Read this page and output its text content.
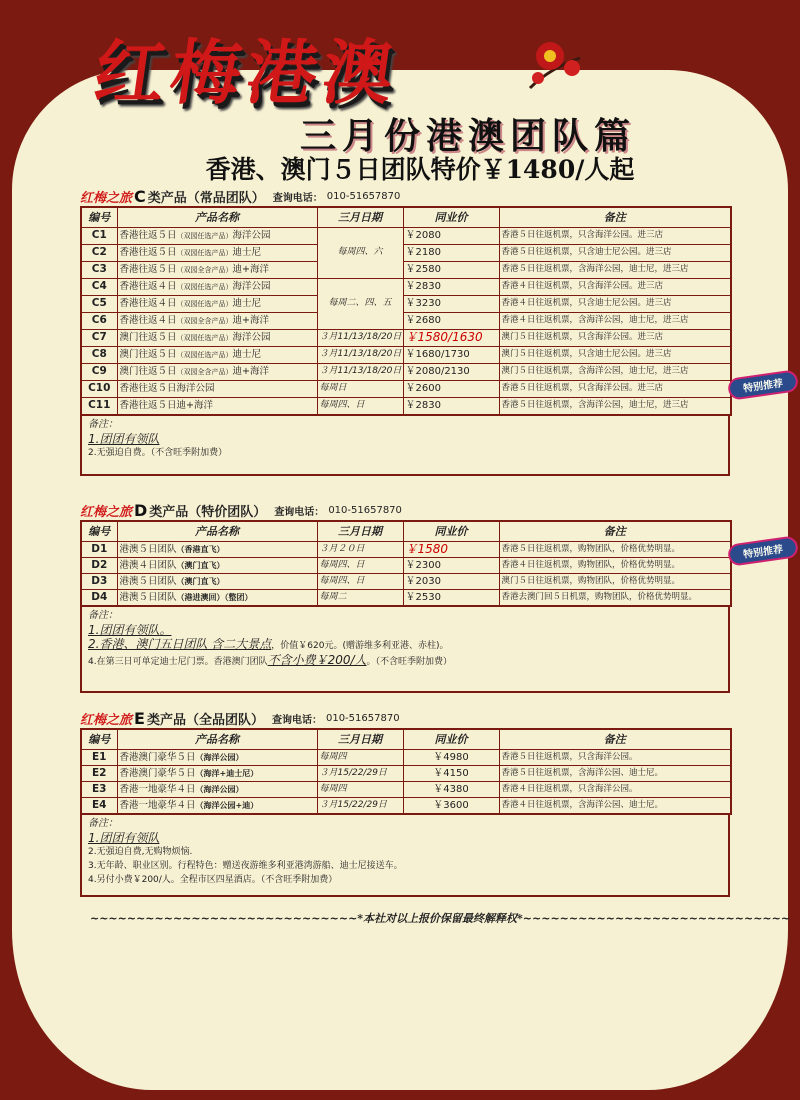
红梅港澳
三月份港澳团队篇
香港、澳门５日团队特价￥1480/人起
红梅之旅 C 类产品（常品团队） 查询电话： 010-51657870
编号	产品名称	三月日期	同业价	备注
C1	香港往返５日（双园任选产品）海洋公园	每周四、六	￥2080	香港５日往返机票，只含海洋公园。进三店
C2	香港往返５日（双园任选产品）迪士尼		￥2180	香港５日往返机票，只含迪士尼公园。进三店
C3	香港往返５日（双园全含产品）迪+海洋		￥2580	香港５日往返机票，含海洋公园，迪士尼，进三店
C4	香港往返４日（双园任选产品）海洋公园	每周二、四、五	￥2830	香港４日往返机票，只含海洋公园。进三店
C5	香港往返４日（双园任选产品）迪士尼		￥3230	香港４日往返机票，只含迪士尼公园。进三店
C6	香港往返４日（双园全含产品）迪+海洋		￥2680	香港４日往返机票，含海洋公园，迪士尼，进三店
C7	澳门往返５日（双园任选产品）海洋公园	３月11/13/18/20日	￥1580/1630	澳门５日往返机票，只含海洋公园。进三店
C8	澳门往返５日（双园任选产品）迪士尼	３月11/13/18/20日	￥1680/1730	澳门５日往返机票，只含迪士尼公园。进三店
C9	澳门往返５日（双园全含产品）迪+海洋	３月11/13/18/20日	￥2080/2130	澳门５日往返机票，含海洋公园，迪士尼，进三店
C10	香港往返５日海洋公园	每周日	￥2600	香港５日往返机票，只含海洋公园。进三店
C11	香港往返５日迪+海洋	每周四、日	￥2830	香港５日往返机票，含海洋公园，迪士尼，进三店
备注：
1.团团有领队
2.无强迫自费。（不含旺季附加费）
特别推荐
红梅之旅 D 类产品（特价团队） 查询电话： 010-51657870
编号	产品名称	三月日期	同业价	备注
D1	港澳５日团队（香港直飞）	３月２０日	￥1580	香港５日往返机票，购物团队，价格优势明显。
D2	港澳４日团队（澳门直飞）	每周四、日	￥2300	香港４日往返机票，购物团队，价格优势明显。
D3	港澳５日团队（澳门直飞）	每周四、日	￥2030	澳门５日往返机票，购物团队，价格优势明显。
D4	港澳５日团队（港进澳回）（整团）	每周二	￥2530	香港去澳门回５日机票，购物团队，价格优势明显。
备注：
1.团团有领队。
2.香港、澳门五日团队 含二大景点，价值￥620元。(赠游维多利亚港、赤柱)。
4.在第三日可单定迪士尼门票。香港澳门团队不含小费￥200/人。（不含旺季附加费）
特别推荐
红梅之旅 E 类产品（全品团队） 查询电话： 010-51657870
编号	产品名称	三月日期	同业价	备注
E1	香港澳门豪华５日（海洋公园）	每周四	￥4980	香港５日往返机票，只含海洋公园。
E2	香港澳门豪华５日（海洋+迪士尼）	３月15/22/29日	￥4150	香港５日往返机票，含海洋公园、迪士尼。
E3	香港一地豪华４日（海洋公园）	每周四	￥4380	香港４日往返机票，只含海洋公园。
E4	香港一地豪华４日（海洋公园+迪）	３月15/22/29日	￥3600	香港４日往返机票，含海洋公园、迪士尼。
备注：
1.团团有领队
2.无强迫自费,无购物烦恼.
3.无年龄、职业区别。行程特色：赠送夜游维多利亚港湾游船、迪士尼接送车。
4.另付小费￥200/人。全程市区四星酒店。（不含旺季附加费）
~~~~~~~~~~~~~~~~~~~~~~~~~~~~~*本社对以上报价保留最终解释权*~~~~~~~~~~~~~~~~~~~~~~~~~~~~~
